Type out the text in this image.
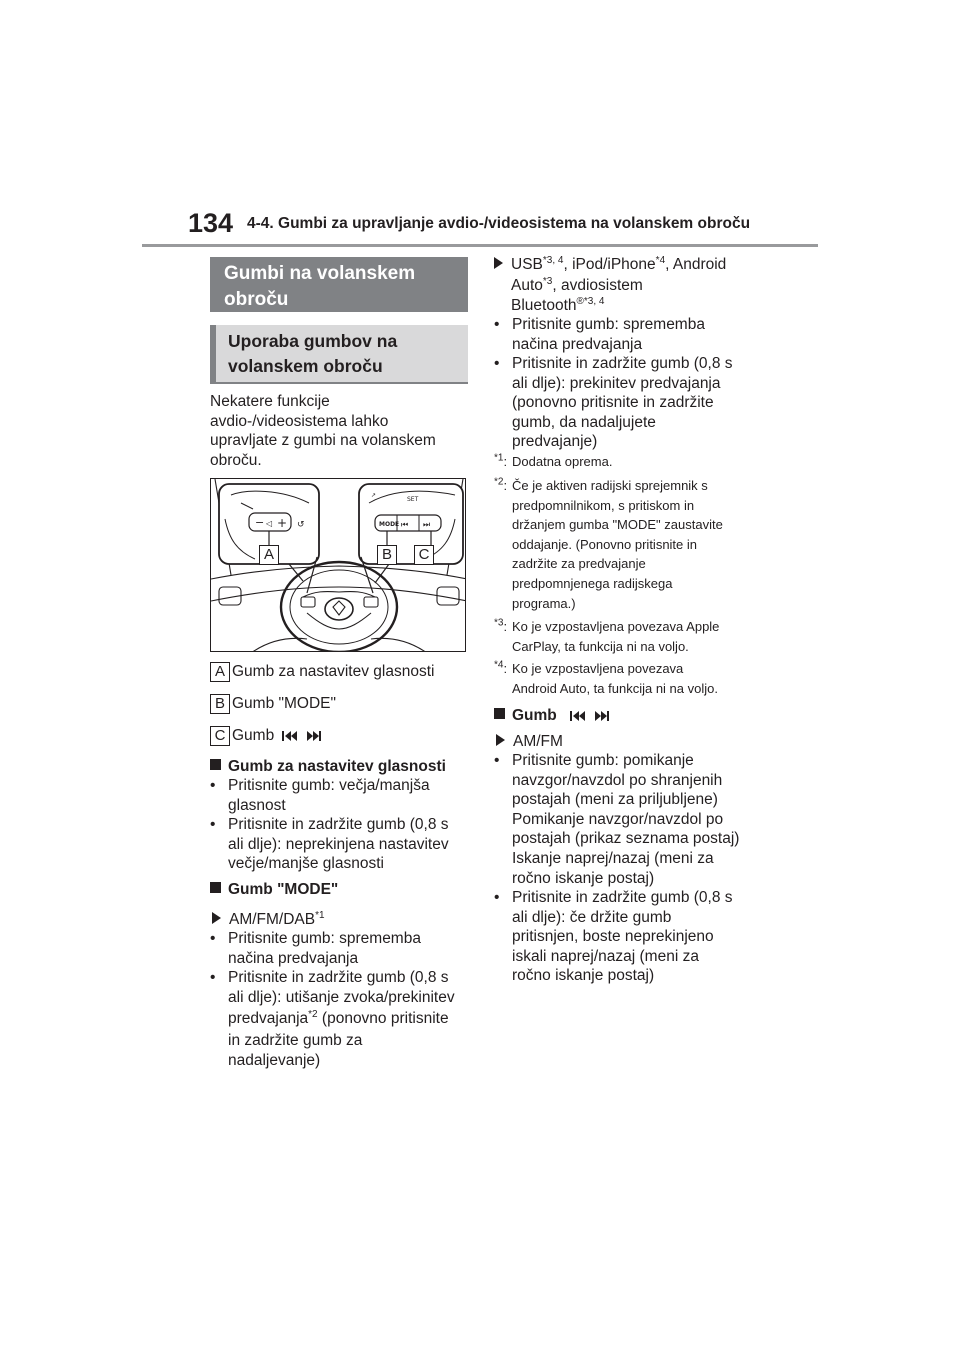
134 4-4. Gumbi za upravljanje avdio-/videosistema na volanskem obroču
Gumbi na volanskem
obroču
Uporaba gumbov na
volanskem obroču
Nekatere funkcije
avdio-/videosistema lahko
upravljate z gumbi na volanskem
obroču.
− ◁ + ↺
SET
↗
MODE ⏮ ⏭
A	B	C
A Gumb za nastavitev glasnosti
B Gumb "MODE"
C Gumb
Gumb za nastavitev glasnosti
• Pritisnite gumb: večja/manjša
glasnost
• Pritisnite in zadržite gumb (0,8 s
ali dlje): neprekinjena nastavitev
večje/manjše glasnosti
Gumb "MODE"
AM/FM/DAB$^{*1}$
• Pritisnite gumb: sprememba
načina predvajanja
• Pritisnite in zadržite gumb (0,8 s
ali dlje): utišanje zvoka/prekinitev
predvajanja$^{*2}$ (ponovno pritisnite
in zadržite gumb za
nadaljevanje)
USB$^{*3, 4}$, iPod/iPhone$^{*4}$, Android
Auto$^{*3}$, avdiosistem
Bluetooth$^{®*3, 4}$
• Pritisnite gumb: sprememba
načina predvajanja
• Pritisnite in zadržite gumb (0,8 s
ali dlje): prekinitev predvajanja
(ponovno pritisnite in zadržite
gumb, da nadaljujete
predvajanje)
$^{*1}$: Dodatna oprema.
$^{*2}$: Če je aktiven radijski sprejemnik s
predpomnilnikom, s pritiskom in
držanjem gumba "MODE" zaustavite
oddajanje. (Ponovno pritisnite in
zadržite za predvajanje
predpomnjenega radijskega
programa.)
$^{*3}$: Ko je vzpostavljena povezava Apple
CarPlay, ta funkcija ni na voljo.
$^{*4}$: Ko je vzpostavljena povezava
Android Auto, ta funkcija ni na voljo.
Gumb
AM/FM
• Pritisnite gumb: pomikanje
navzgor/navzdol po shranjenih
postajah (meni za priljubljene)
Pomikanje navzgor/navzdol po
postajah (prikaz seznama postaj)
Iskanje naprej/nazaj (meni za
ročno iskanje postaj)
• Pritisnite in zadržite gumb (0,8 s
ali dlje): če držite gumb
pritisnjen, boste neprekinjeno
iskali naprej/nazaj (meni za
ročno iskanje postaj)
